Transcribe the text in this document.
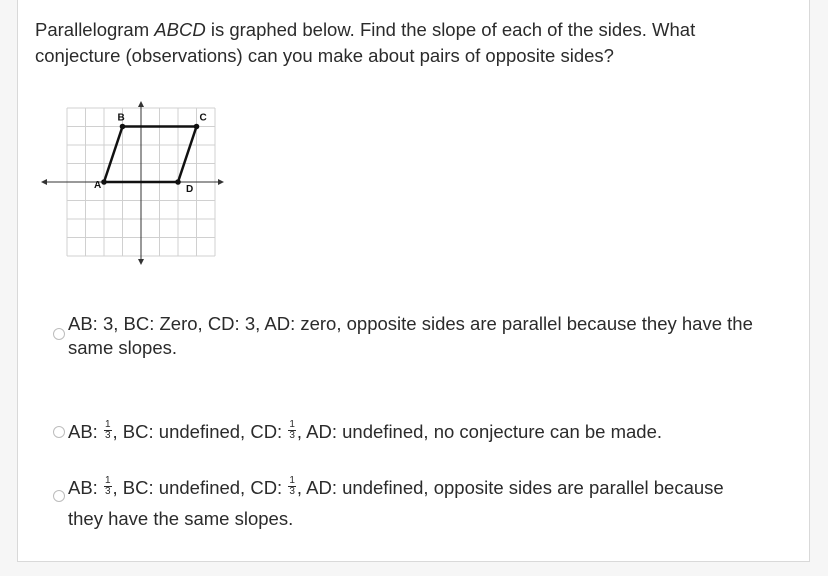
Parallelogram ABCD is graphed below. Find the slope of each of the sides. What conjecture (observations) can you make about pairs of opposite sides?
A
B	C
D
AB: 3, BC: Zero, CD: 3, AD: zero, opposite sides are parallel because they have the same slopes.
AB: $\frac{1}{3}$ , BC: undefined, CD: $\frac{1}{3}$ , AD: undefined, no conjecture can be made.
AB: $\frac{1}{3}$ , BC: undefined, CD: $\frac{1}{3}$ , AD: undefined, opposite sides are parallel because
they have the same slopes.
